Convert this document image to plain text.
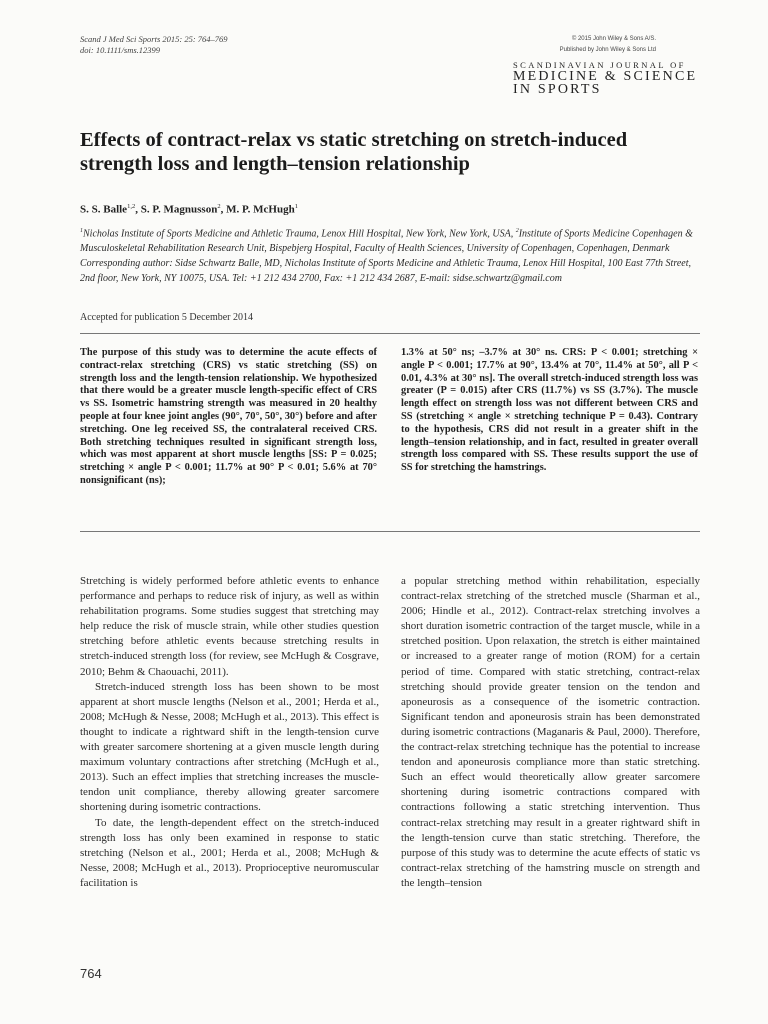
Scand J Med Sci Sports 2015: 25: 764–769
doi: 10.1111/sms.12399
© 2015 John Wiley & Sons A/S.
Published by John Wiley & Sons Ltd
SCANDINAVIAN JOURNAL OF
MEDICINE & SCIENCE
IN SPORTS
Effects of contract-relax vs static stretching on stretch-induced strength loss and length–tension relationship
S. S. Balle$^{1,2}$, S. P. Magnusson$^2$, M. P. McHugh$^1$

$^1$Nicholas Institute of Sports Medicine and Athletic Trauma, Lenox Hill Hospital, New York, New York, USA, $^2$Institute of Sports Medicine Copenhagen & Musculoskeletal Rehabilitation Research Unit, Bispebjerg Hospital, Faculty of Health Sciences, University of Copenhagen, Copenhagen, Denmark

Corresponding author: Sidse Schwartz Balle, MD, Nicholas Institute of Sports Medicine and Athletic Trauma, Lenox Hill Hospital, 100 East 77th Street, 2nd floor, New York, NY 10075, USA. Tel: +1 212 434 2700, Fax: +1 212 434 2687, E-mail: sidse.schwartz@gmail.com

Accepted for publication 5 December 2014

The purpose of this study was to determine the acute effects of contract-relax stretching (CRS) vs static stretching (SS) on strength loss and the length-tension relationship. We hypothesized that there would be a greater muscle length-specific effect of CRS vs SS. Isometric hamstring strength was measured in 20 healthy people at four knee joint angles (90°, 70°, 50°, 30°) before and after stretching. One leg received SS, the contralateral received CRS. Both stretching techniques resulted in significant strength loss, which was most apparent at short muscle lengths [SS: P = 0.025; stretching × angle P < 0.001; 11.7% at 90° P < 0.01; 5.6% at 70° nonsignificant (ns);

1.3% at 50° ns; –3.7% at 30° ns. CRS: P < 0.001; stretching × angle P < 0.001; 17.7% at 90°, 13.4% at 70°, 11.4% at 50°, all P < 0.01, 4.3% at 30° ns]. The overall stretch-induced strength loss was greater (P = 0.015) after CRS (11.7%) vs SS (3.7%). The muscle length effect on strength loss was not different between CRS and SS (stretching × angle × stretching technique P = 0.43). Contrary to the hypothesis, CRS did not result in a greater shift in the length–tension relationship, and in fact, resulted in greater overall strength loss compared with SS. These results support the use of SS for stretching the hamstrings.

Stretching is widely performed before athletic events to enhance performance and perhaps to reduce risk of injury, as well as within rehabilitation programs. Some studies suggest that stretching may help reduce the risk of muscle strain, while other studies question stretching before athletic events because stretching results in stretch-induced strength loss (for review, see McHugh & Cosgrave, 2010; Behm & Chaouachi, 2011).

Stretch-induced strength loss has been shown to be most apparent at short muscle lengths (Nelson et al., 2001; Herda et al., 2008; McHugh & Nesse, 2008; McHugh et al., 2013). This effect is thought to indicate a rightward shift in the length-tension curve with greater sarcomere shortening at a given muscle length during maximum voluntary contractions after stretching (McHugh et al., 2013). Such an effect implies that stretching increases the muscle-tendon unit compliance, thereby allowing greater sarcomere shortening during isometric contractions.

To date, the length-dependent effect on the stretch-induced strength loss has only been examined in response to static stretching (Nelson et al., 2001; Herda et al., 2008; McHugh & Nesse, 2008; McHugh et al., 2013). Proprioceptive neuromuscular facilitation is

a popular stretching method within rehabilitation, especially contract-relax stretching of the stretched muscle (Sharman et al., 2006; Hindle et al., 2012). Contract-relax stretching involves a short duration isometric contraction of the target muscle, while in a stretched position. Upon relaxation, the stretch is either maintained or increased to a greater range of motion (ROM) for a certain period of time. Compared with static stretching, contract-relax stretching should provide greater tension on the tendon and aponeurosis as a consequence of the isometric contraction. Significant tendon and aponeurosis strain has been demonstrated during isometric contractions (Maganaris & Paul, 2000). Therefore, the contract-relax stretching technique has the potential to increase tendon and aponeurosis compliance more than static stretching. Such an effect would theoretically allow greater sarcomere shortening during isometric contractions compared with contractions following a static stretching intervention. Thus contract-relax stretching may result in a greater rightward shift in the length-tension curve than static stretching. Therefore, the purpose of this study was to determine the acute effects of static vs contract-relax stretching of the hamstring muscle on strength and the length–tension

764
